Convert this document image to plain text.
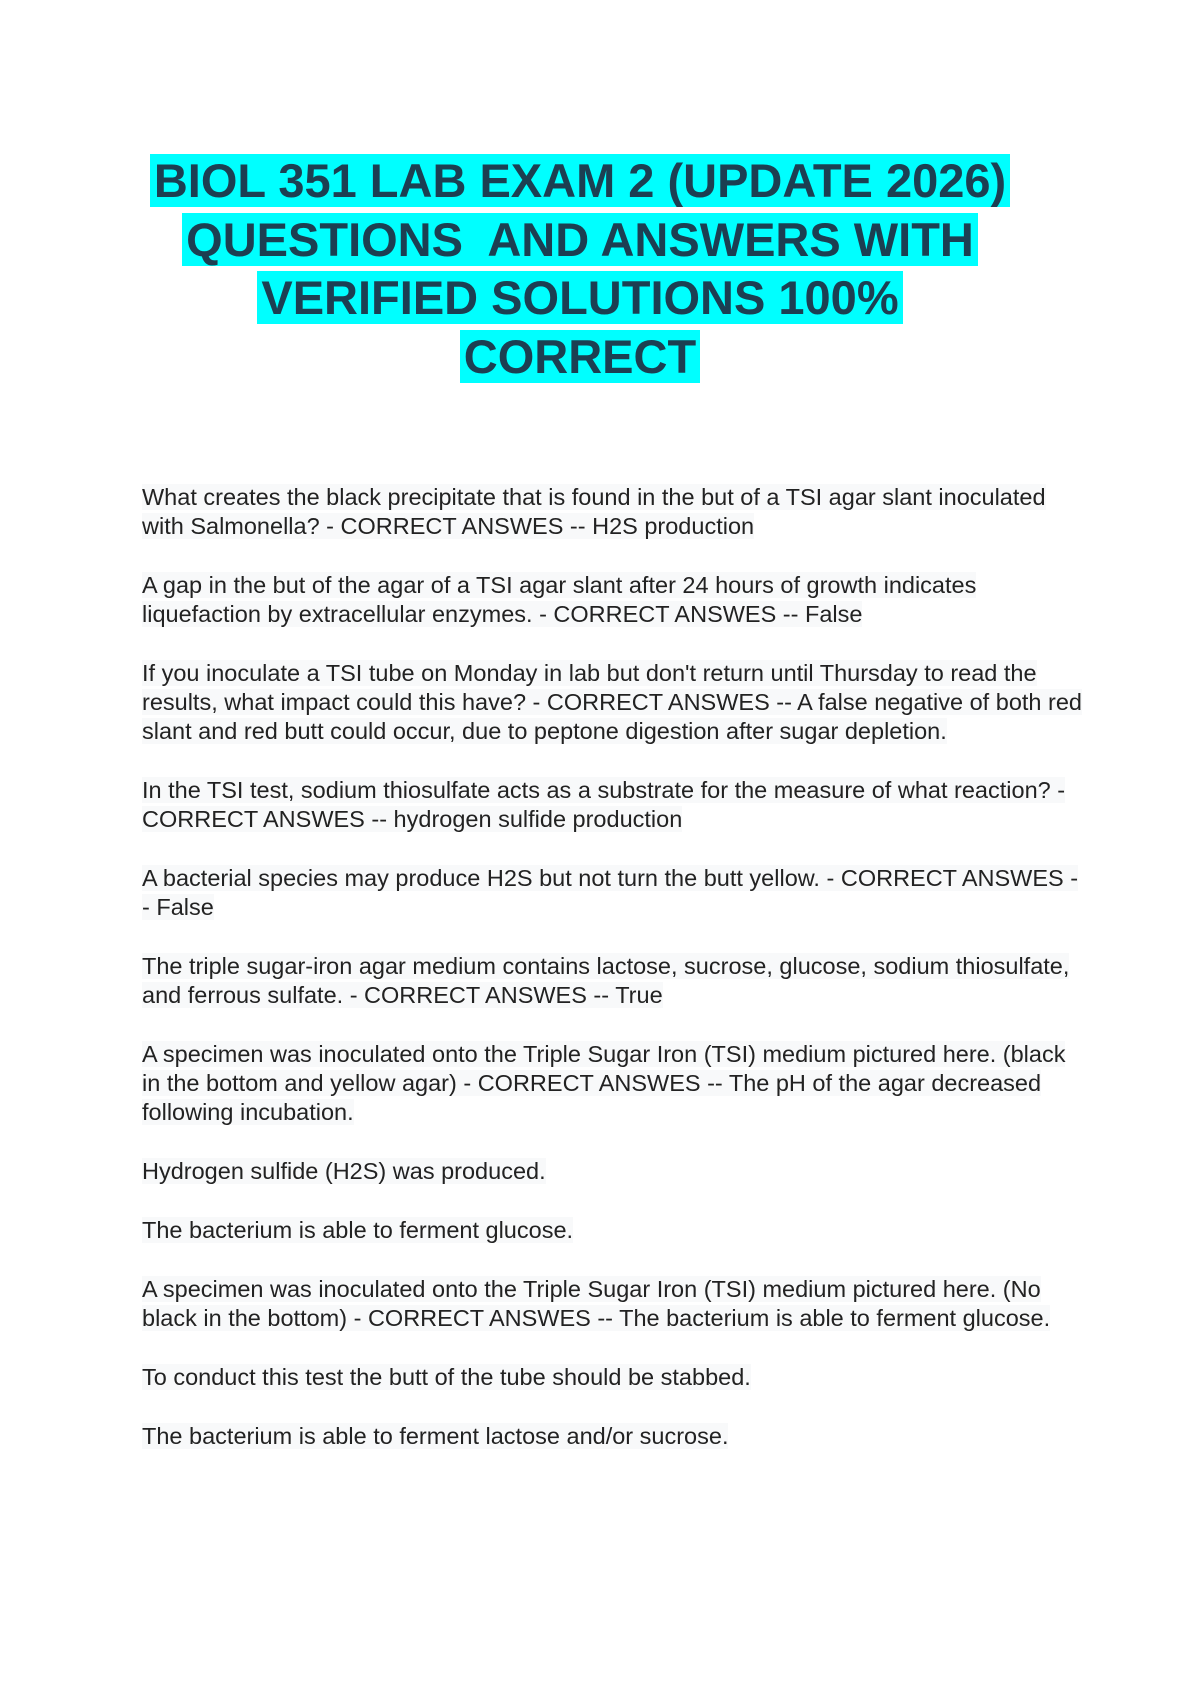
BIOL 351 LAB EXAM 2 (UPDATE 2026)
QUESTIONS  AND ANSWERS WITH
VERIFIED SOLUTIONS 100%
CORRECT

What creates the black precipitate that is found in the but of a TSI agar slant inoculated with Salmonella? - CORRECT ANSWES -- H2S production

A gap in the but of the agar of a TSI agar slant after 24 hours of growth indicates liquefaction by extracellular enzymes. - CORRECT ANSWES -- False

If you inoculate a TSI tube on Monday in lab but don't return until Thursday to read the results, what impact could this have? - CORRECT ANSWES -- A false negative of both red slant and red butt could occur, due to peptone digestion after sugar depletion.

In the TSI test, sodium thiosulfate acts as a substrate for the measure of what reaction? - CORRECT ANSWES -- hydrogen sulfide production

A bacterial species may produce H2S but not turn the butt yellow. - CORRECT ANSWES -- False

The triple sugar-iron agar medium contains lactose, sucrose, glucose, sodium thiosulfate, and ferrous sulfate. - CORRECT ANSWES -- True

A specimen was inoculated onto the Triple Sugar Iron (TSI) medium pictured here. (black in the bottom and yellow agar) - CORRECT ANSWES -- The pH of the agar decreased following incubation.

Hydrogen sulfide (H2S) was produced.

The bacterium is able to ferment glucose.

A specimen was inoculated onto the Triple Sugar Iron (TSI) medium pictured here. (No black in the bottom) - CORRECT ANSWES -- The bacterium is able to ferment glucose.

To conduct this test the butt of the tube should be stabbed.

The bacterium is able to ferment lactose and/or sucrose.
